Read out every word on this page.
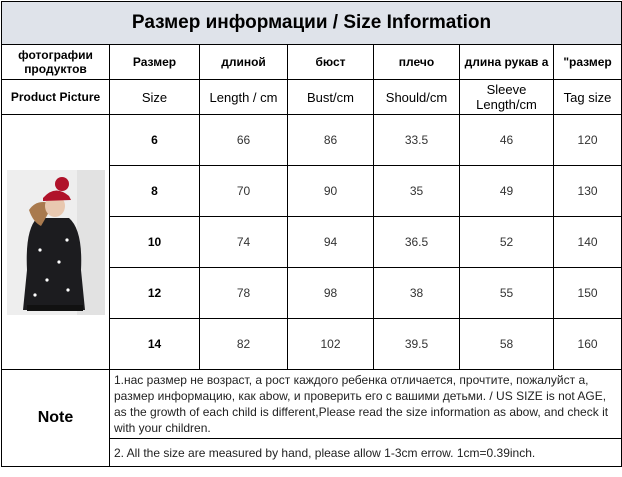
Размер информации / Size Information						
фотографии продуктов	Размер	длиной	бюст	плечо	длина рукав а	"размер
Product Picture	Size	Length / cm	Bust/cm	Should/cm	Sleeve Length/cm	Tag size

	6	66	86	33.5	46	120
	8	70	90	35	49	130
	10	74	94	36.5	52	140
	12	78	98	38	55	150
	14	82	102	39.5	58	160
Note	1.нас размер не возраст, а рост каждого ребенка отличается, прочтите, пожалуйст а, размер информацию, как abow, и проверить его с вашими детьми. / US SIZE is not AGE, as the growth of each child is different,Please read the size information as abow, and check it with your children.					
	2. All the size are measured by hand, please allow 1-3cm errow. 1cm=0.39inch.					
